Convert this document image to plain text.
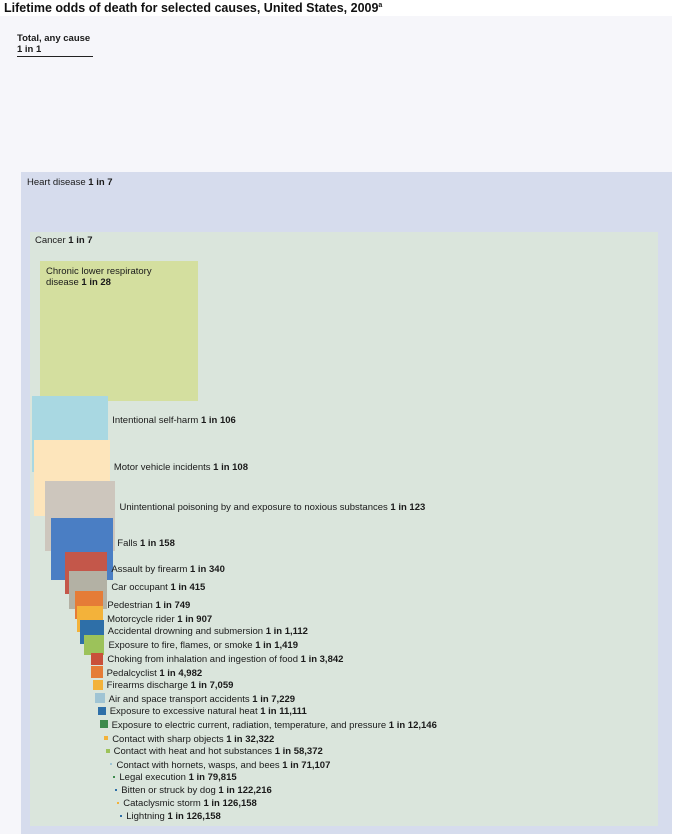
Lifetime odds of death for selected causes, United States, 2009$^a$
Total, any cause
1 in 1
Heart disease 1 in 7
Cancer 1 in 7
Chronic lower respiratory
disease 1 in 28
Intentional self-harm 1 in 106
Motor vehicle incidents 1 in 108
Unintentional poisoning by and exposure to noxious substances 1 in 123
Falls 1 in 158
Assault by firearm 1 in 340
Car occupant 1 in 415
Pedestrian 1 in 749
Motorcycle rider 1 in 907
Accidental drowning and submersion 1 in 1,112
Exposure to fire, flames, or smoke 1 in 1,419
Choking from inhalation and ingestion of food 1 in 3,842
Pedalcyclist 1 in 4,982
Firearms discharge 1 in 7,059
Air and space transport accidents 1 in 7,229
Exposure to excessive natural heat 1 in 11,111
Exposure to electric current, radiation, temperature, and pressure 1 in 12,146
Contact with sharp objects 1 in 32,322
Contact with heat and hot substances 1 in 58,372
Contact with hornets, wasps, and bees 1 in 71,107
Legal execution 1 in 79,815
Bitten or struck by dog 1 in 122,216
Cataclysmic storm 1 in 126,158
Lightning 1 in 126,158
